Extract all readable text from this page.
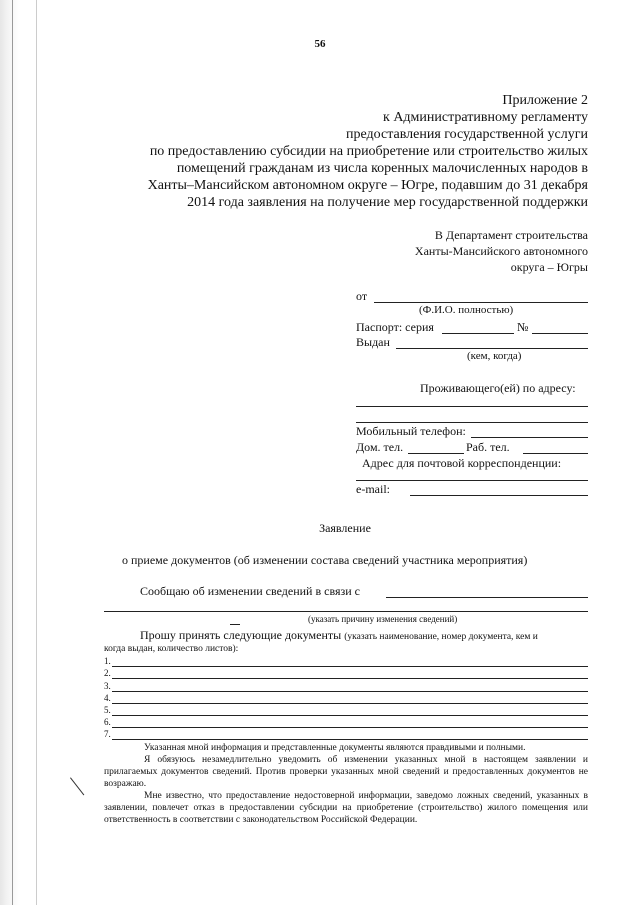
56
Приложение 2
к Административному регламенту
предоставления государственной услуги
по предоставлению субсидии на приобретение или строительство жилых
помещений гражданам из числа коренных малочисленных народов в
Ханты–Мансийском автономном округе – Югре, подавшим до 31 декабря
2014 года заявления на получение мер государственной поддержки
В Департамент строительства
Ханты-Мансийского автономного
округа – Югры
от
(Ф.И.О. полностью)
Паспорт: серия	№
Выдан
(кем, когда)
Проживающего(ей) по адресу:
Мобильный телефон:
Дом. тел.	Раб. тел.
Адрес для почтовой корреспонденции:
e-mail:
Заявление
о приеме документов (об изменении состава сведений участника мероприятия)
Сообщаю об изменении сведений в связи с
(указать причину изменения сведений)
Прошу принять следующие документы (указать наименование, номер документа, кем и
когда выдан, количество листов):
1.
2.
3.
4.
5.
6.
7.
Указанная мной информация и представленные документы являются правдивыми и полными.
Я обязуюсь незамедлительно уведомить об изменении указанных мной в настоящем заявлении и прилагаемых документов сведений. Против проверки указанных мной сведений и предоставленных документов не возражаю.
Мне известно, что предоставление недостоверной информации, заведомо ложных сведений, указанных в заявлении, повлечет отказ в предоставлении субсидии на приобретение (строительство) жилого помещения или ответственность в соответствии с законодательством Российской Федерации.
